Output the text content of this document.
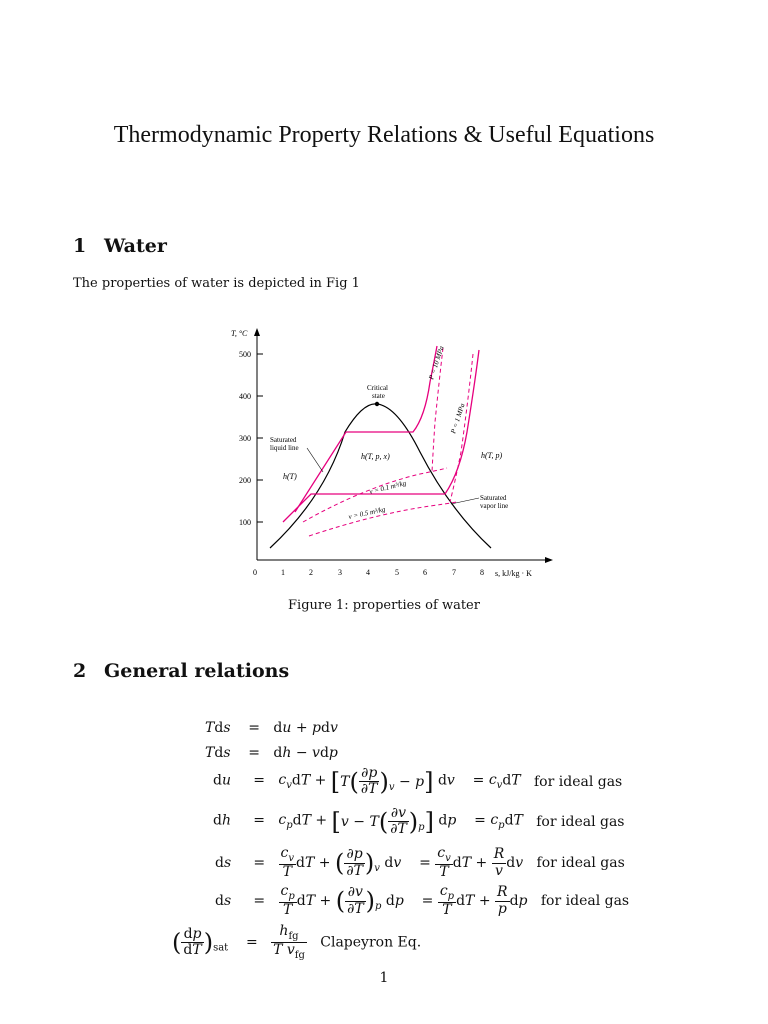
Thermodynamic Property Relations & Useful Equations
1 Water
The properties of water is depicted in Fig 1
T, °C
s, kJ/kg · K
500
400
300
200
100
0	1	2	3	4	5	6	7	8
Critical
state
Saturated
liquid line
Saturated
vapor line
h(T)
h(T, p, x)	h(T, p)
P = 10 MPa
P = 1 MPa
v = 0.1 m³/kg
v = 0.5 m³/kg
Figure 1: properties of water
2 General relations
Tds    =   du + pdv
Tds    =   dh − vdp
du     =   $c_vdT + [T( \frac{\partial p}{\partial T} )_v - p]$ dv    = $c_vdT$ for ideal gas
dh     =   $c_pdT + [v - T( \frac{\partial v}{\partial T} )_p]$ dp    = $c_pdT$ for ideal gas
ds     = $\frac{c_v}{T}$ dT + ( $\frac{\partial p}{\partial T} )_v$ dv    = $\frac{c_v}{T}$ dT + $\frac{R}{v}$ dv for ideal gas
ds     = $\frac{c_p}{T}$ dT + ( $\frac{\partial v}{\partial T} )_p$ dp    = $\frac{c_p}{T}$ dT + $\frac{R}{p}$ dp for ideal gas
( $\frac{dp}{dT} )_{sat}$    = $\frac{h_{fg}}{T v_{fg}}$ Clapeyron Eq.
1
